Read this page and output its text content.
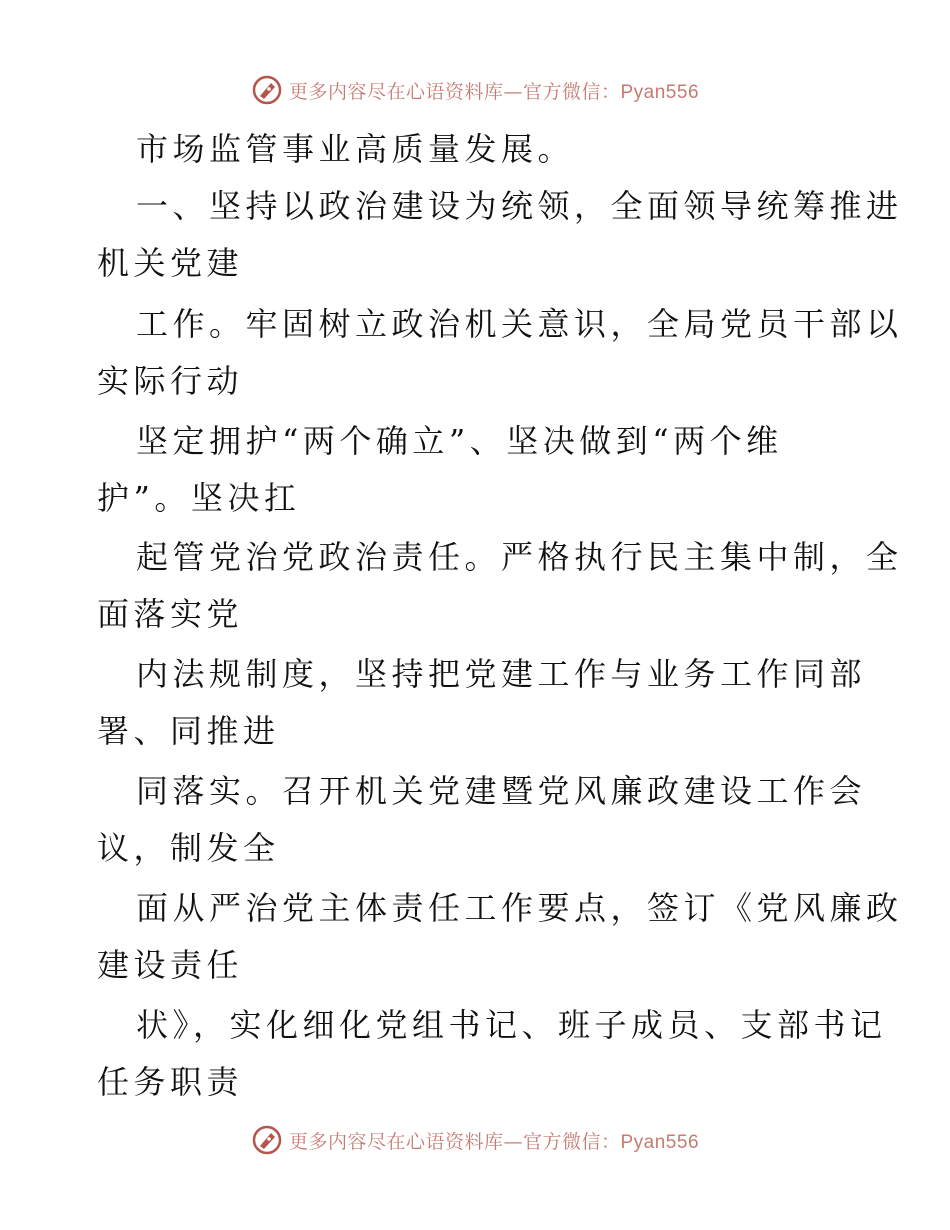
更多内容尽在心语资料库—官方微信：Pyan556
市场监管事业高质量发展。
一、坚持以政治建设为统领，全面领导统筹推进
机关党建
工作。牢固树立政治机关意识，全局党员干部以
实际行动
坚定拥护“两个确立”、坚决做到“两个维
护”。坚决扛
起管党治党政治责任。严格执行民主集中制，全
面落实党
内法规制度，坚持把党建工作与业务工作同部
署、同推进
同落实。召开机关党建暨党风廉政建设工作会
议，制发全
面从严治党主体责任工作要点，签订《党风廉政
建设责任
状》，实化细化党组书记、班子成员、支部书记
任务职责
更多内容尽在心语资料库—官方微信：Pyan556
